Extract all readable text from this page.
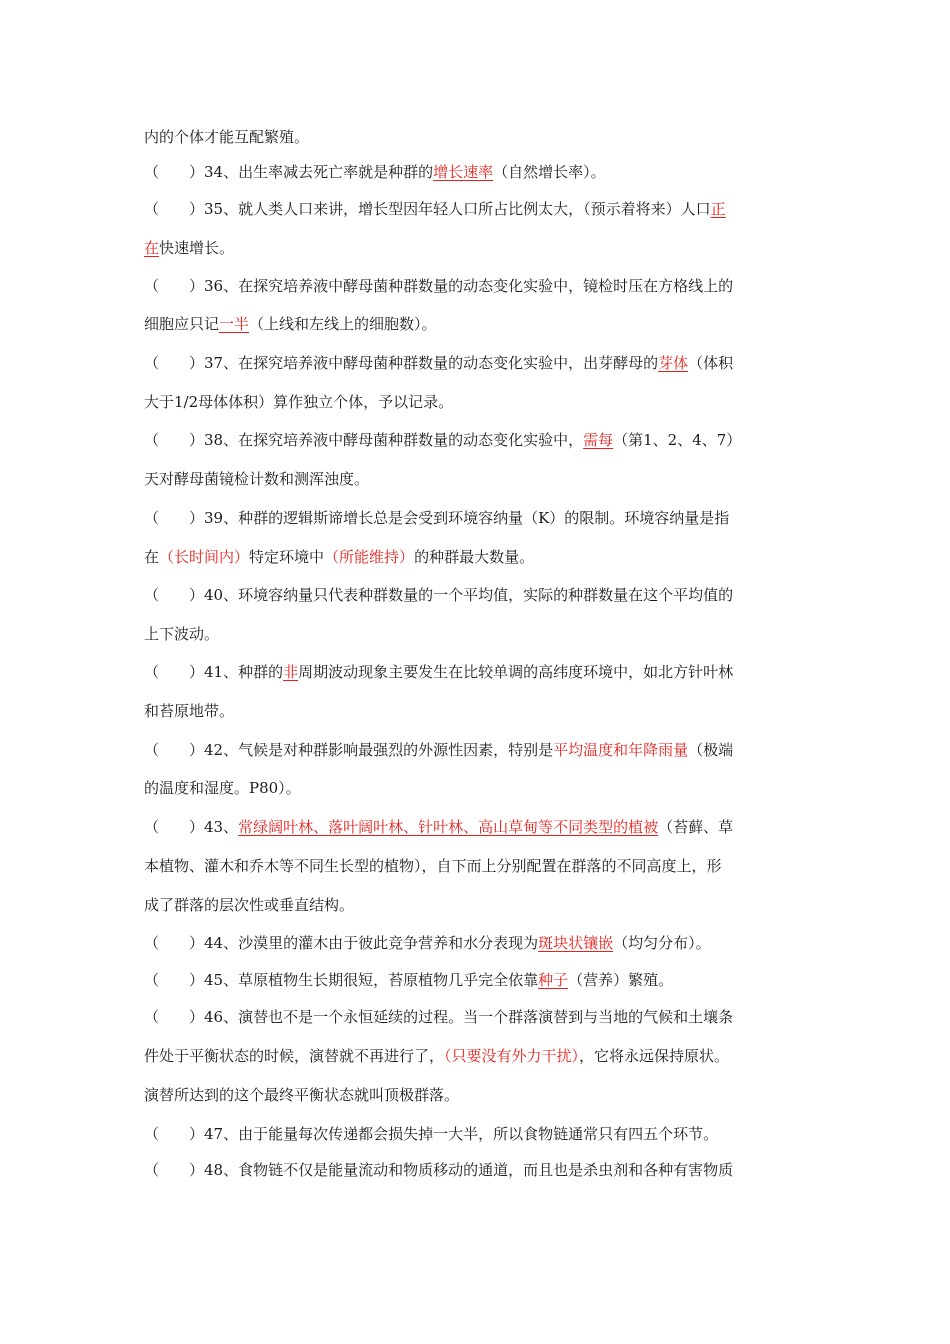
内的个体才能互配繁殖。
（　　）34、出生率减去死亡率就是种群的增长速率（自然增长率）。
（　　）35、就人类人口来讲，增长型因年轻人口所占比例太大，（预示着将来）人口正
在快速增长。
（　　）36、在探究培养液中酵母菌种群数量的动态变化实验中，镜检时压在方格线上的
细胞应只记一半（上线和左线上的细胞数）。
（　　）37、在探究培养液中酵母菌种群数量的动态变化实验中，出芽酵母的芽体（体积
大于1/2母体体积）算作独立个体，予以记录。
（　　）38、在探究培养液中酵母菌种群数量的动态变化实验中，需每（第1、2、4、7）
天对酵母菌镜检计数和测浑浊度。
（　　）39、种群的逻辑斯谛增长总是会受到环境容纳量（K）的限制。环境容纳量是指
在（长时间内）特定环境中（所能维持）的种群最大数量。
（　　）40、环境容纳量只代表种群数量的一个平均值，实际的种群数量在这个平均值的
上下波动。
（　　）41、种群的非周期波动现象主要发生在比较单调的高纬度环境中，如北方针叶林
和苔原地带。
（　　）42、气候是对种群影响最强烈的外源性因素，特别是平均温度和年降雨量（极端
的温度和湿度。P80）。
（　　）43、常绿阔叶林、落叶阔叶林、针叶林、高山草甸等不同类型的植被（苔藓、草
本植物、灌木和乔木等不同生长型的植物），自下而上分别配置在群落的不同高度上，形
成了群落的层次性或垂直结构。
（　　）44、沙漠里的灌木由于彼此竞争营养和水分表现为斑块状镶嵌（均匀分布）。
（　　）45、草原植物生长期很短，苔原植物几乎完全依靠种子（营养）繁殖。
（　　）46、演替也不是一个永恒延续的过程。当一个群落演替到与当地的气候和土壤条
件处于平衡状态的时候，演替就不再进行了，（只要没有外力干扰），它将永远保持原状。
演替所达到的这个最终平衡状态就叫顶极群落。
（　　）47、由于能量每次传递都会损失掉一大半，所以食物链通常只有四五个环节。
（　　）48、食物链不仅是能量流动和物质移动的通道，而且也是杀虫剂和各种有害物质
